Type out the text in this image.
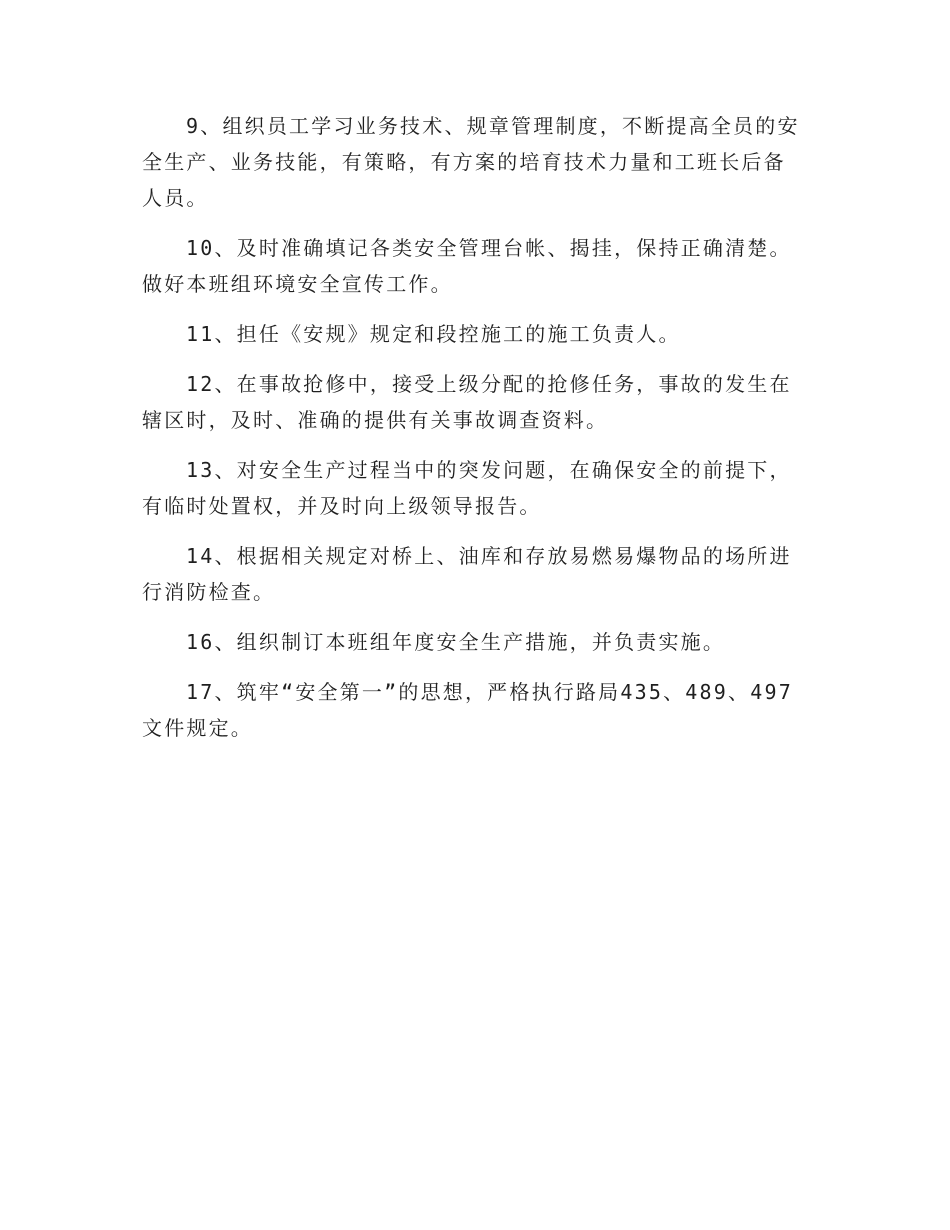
9、组织员工学习业务技术、规章管理制度，不断提高全员的安全生产、业务技能，有策略，有方案的培育技术力量和工班长后备人员。

10、及时准确填记各类安全管理台帐、揭挂，保持正确清楚。做好本班组环境安全宣传工作。

11、担任《安规》规定和段控施工的施工负责人。

12、在事故抢修中，接受上级分配的抢修任务，事故的发生在辖区时，及时、准确的提供有关事故调查资料。

13、对安全生产过程当中的突发问题，在确保安全的前提下，有临时处置权，并及时向上级领导报告。

14、根据相关规定对桥上、油库和存放易燃易爆物品的场所进行消防检查。

16、组织制订本班组年度安全生产措施，并负责实施。

17、筑牢“安全第一”的思想，严格执行路局435、489、497文件规定。
